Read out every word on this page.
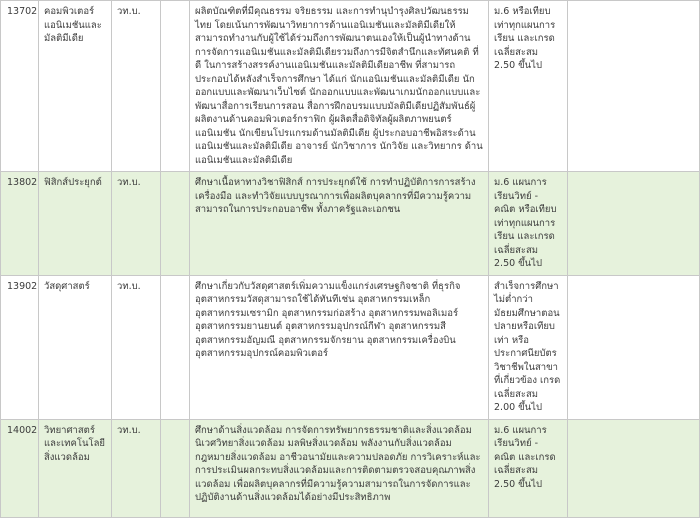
13702	คอมพิวเตอร์แอนิเมชันและมัลติมีเดีย	วท.บ.		ผลิตบัณฑิตที่มีคุณธรรม จริยธรรม และการทำนุบำรุงศิลปวัฒนธรรมไทย โดยเน้นการพัฒนาวิทยาการด้านแอนิเมชันและมัลติมีเดียให้สามารถทำงานกับผู้ใช้ได้ร่วมถึงการพัฒนาตนเองให้เป็นผู้นำทางด้านการจัดการแอนิเมชันและมัลติมีเดียรวมถึงการมีจิตสำนึกและทัศนคติ ที่ดี ในการสร้างสรรค์งานแอนิเมชันและมัลติมีเดียอาชีพ ที่สามารถประกอบได้หลังสำเร็จการศึกษา ได้แก่ นักแอนิเมชันและมัลติมีเดีย นักออกแบบและพัฒนาเว็บไซต์ นักออกแบบและพัฒนาเกมนักออกแบบและพัฒนาสื่อการเรียนการสอน สื่อการฝึกอบรมแบบมัลติมีเดียปฏิสัมพันธ์ผู้ผลิตงานด้านคอมพิวเตอร์กราฟิก ผู้ผลิตสื่อดิจิทัลผู้ผลิตภาพยนตร์แอนิเมชัน นักเขียนโปรแกรมด้านมัลติมีเดีย ผู้ประกอบอาชีพอิสระด้านแอนิเมชันและมัลติมีเดีย อาจารย์ นักวิชาการ นักวิจัย และวิทยากร ด้านแอนิเมชันและมัลติมีเดีย	ม.6 หรือเทียบเท่าทุกแผนการเรียน และเกรดเฉลี่ยสะสม 2.50 ขึ้นไป	
13802	ฟิสิกส์ประยุกต์	วท.บ.		ศึกษาเนื้อหาทางวิชาฟิสิกส์ การประยุกต์ใช้ การทำปฏิบัติการการสร้างเครื่องมือ และทำวิจัยแบบบูรณาการเพื่อผลิตบุคลากรที่มีความรู้ความสามารถในการประกอบอาชีพ ทั้งภาครัฐและเอกชน	ม.6 แผนการเรียนวิทย์ - คณิต หรือเทียบเท่าทุกแผนการเรียน และเกรดเฉลี่ยสะสม 2.50 ขึ้นไป	
13902	วัสดุศาสตร์	วท.บ.		ศึกษาเกี่ยวกับวัสดุศาสตร์เพิ่มความแข็งแกร่งเศรษฐกิจชาติ ที่ธุรกิจอุตสาหกรรมวัสดุสามารถใช้ได้ทันทีเช่น อุตสาหกรรมเหล็ก อุตสาหกรรมเซรามิก อุตสาหกรรมก่อสร้าง อุตสาหกรรมพอลิเมอร์ อุตสาหกรรมยานยนต์ อุตสาหกรรมอุปกรณ์กีฬา อุตสาหกรรมสี อุตสาหกรรมอัญมณี อุตสาหกรรมจักรยาน อุตสาหกรรมเครื่องบิน อุตสาหกรรมอุปกรณ์คอมพิวเตอร์	สำเร็จการศึกษาไม่ต่ำกว่ามัธยมศึกษาตอนปลายหรือเทียบเท่า หรือประกาศนียบัตรวิชาชีพในสาขาที่เกี่ยวข้อง เกรดเฉลี่ยสะสม 2.00 ขึ้นไป	
14002	วิทยาศาสตร์และเทคโนโลยีสิ่งแวดล้อม	วท.บ.		ศึกษาด้านสิ่งแวดล้อม การจัดการทรัพยากรธรรมชาติและสิ่งแวดล้อม นิเวศวิทยาสิ่งแวดล้อม มลพิษสิ่งแวดล้อม พลังงานกับสิ่งแวดล้อม กฎหมายสิ่งแวดล้อม อาชีวอนามัยและความปลอดภัย การวิเคราะห์และการประเมินผลกระทบสิ่งแวดล้อมและการติดตามตรวจสอบคุณภาพสิ่งแวดล้อม เพื่อผลิตบุคลากรที่มีความรู้ความสามารถในการจัดการและปฏิบัติงานด้านสิ่งแวดล้อมได้อย่างมีประสิทธิภาพ	ม.6 แผนการเรียนวิทย์ - คณิต และเกรดเฉลี่ยสะสม 2.50 ขึ้นไป	
